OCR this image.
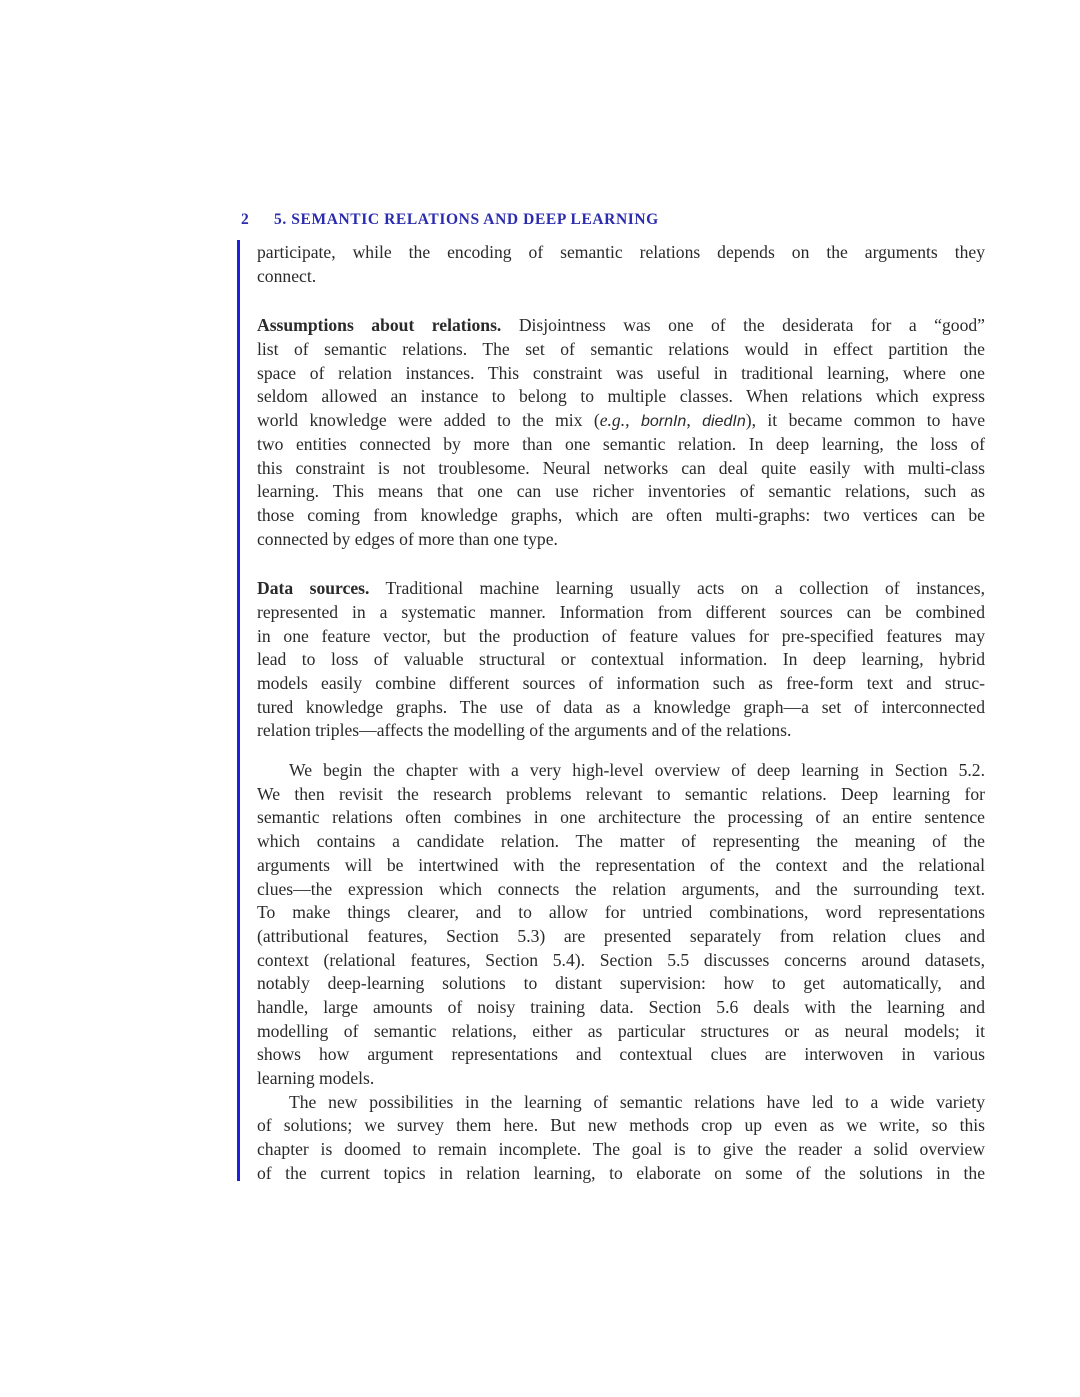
2 5. SEMANTIC RELATIONS AND DEEP LEARNING
participate, while the encoding of semantic relations depends on the arguments they
connect.
Assumptions about relations. Disjointness was one of the desiderata for a “good”
list of semantic relations. The set of semantic relations would in effect partition the
space of relation instances. This constraint was useful in traditional learning, where one
seldom allowed an instance to belong to multiple classes. When relations which express
world knowledge were added to the mix (e.g., bornIn, diedIn), it became common to have
two entities connected by more than one semantic relation. In deep learning, the loss of
this constraint is not troublesome. Neural networks can deal quite easily with multi-class
learning. This means that one can use richer inventories of semantic relations, such as
those coming from knowledge graphs, which are often multi-graphs: two vertices can be
connected by edges of more than one type.
Data sources. Traditional machine learning usually acts on a collection of instances,
represented in a systematic manner. Information from different sources can be combined
in one feature vector, but the production of feature values for pre-specified features may
lead to loss of valuable structural or contextual information. In deep learning, hybrid
models easily combine different sources of information such as free-form text and struc-
tured knowledge graphs. The use of data as a knowledge graph—a set of interconnected
relation triples—affects the modelling of the arguments and of the relations.
We begin the chapter with a very high-level overview of deep learning in Section 5.2.
We then revisit the research problems relevant to semantic relations. Deep learning for
semantic relations often combines in one architecture the processing of an entire sentence
which contains a candidate relation. The matter of representing the meaning of the
arguments will be intertwined with the representation of the context and the relational
clues—the expression which connects the relation arguments, and the surrounding text.
To make things clearer, and to allow for untried combinations, word representations
(attributional features, Section 5.3) are presented separately from relation clues and
context (relational features, Section 5.4). Section 5.5 discusses concerns around datasets,
notably deep-learning solutions to distant supervision: how to get automatically, and
handle, large amounts of noisy training data. Section 5.6 deals with the learning and
modelling of semantic relations, either as particular structures or as neural models; it
shows how argument representations and contextual clues are interwoven in various
learning models.
The new possibilities in the learning of semantic relations have led to a wide variety
of solutions; we survey them here. But new methods crop up even as we write, so this
chapter is doomed to remain incomplete. The goal is to give the reader a solid overview
of the current topics in relation learning, to elaborate on some of the solutions in the
